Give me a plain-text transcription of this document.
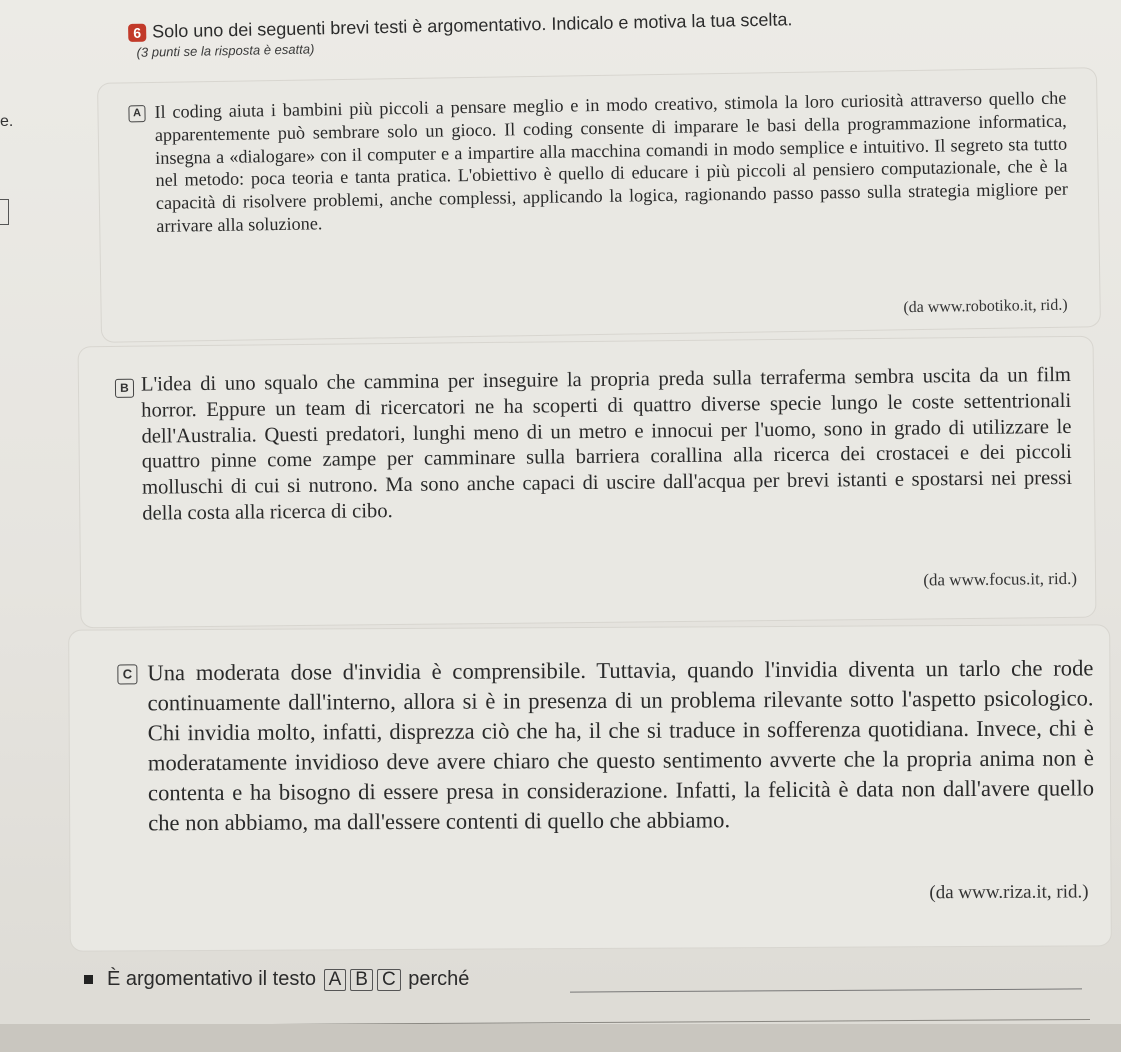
6 Solo uno dei seguenti brevi testi è argomentativo. Indicalo e motiva la tua scelta.
(3 punti se la risposta è esatta)
e.	A Il coding aiuta i bambini più piccoli a pensare meglio e in modo creativo, stimola la loro curiosità attraverso quello che apparentemente può sembrare solo un gioco. Il coding consente di imparare le basi della programmazione informatica, insegna a «dialogare» con il computer e a impartire alla macchina comandi in modo semplice e intuitivo. Il segreto sta tutto nel metodo: poca teoria e tanta pratica. L'obiettivo è quello di educare i più piccoli al pensiero computazionale, che è la capacità di risolvere problemi, anche complessi, applicando la logica, ragionando passo passo sulla strategia migliore per arrivare alla soluzione.

(da www.robotiko.it, rid.)

B L'idea di uno squalo che cammina per inseguire la propria preda sulla terraferma sembra uscita da un film horror. Eppure un team di ricercatori ne ha scoperti di quattro diverse specie lungo le coste settentrionali dell'Australia. Questi predatori, lunghi meno di un metro e innocui per l'uomo, sono in grado di utilizzare le quattro pinne come zampe per camminare sulla barriera corallina alla ricerca dei crostacei e dei piccoli molluschi di cui si nutrono. Ma sono anche capaci di uscire dall'acqua per brevi istanti e spostarsi nei pressi della costa alla ricerca di cibo.

(da www.focus.it, rid.)

C Una moderata dose d'invidia è comprensibile. Tuttavia, quando l'invidia diventa un tarlo che rode continuamente dall'interno, allora si è in presenza di un problema rilevante sotto l'aspetto psicologico. Chi invidia molto, infatti, disprezza ciò che ha, il che si traduce in sofferenza quotidiana. Invece, chi è moderatamente invidioso deve avere chiaro che questo sentimento avverte che la propria anima non è contenta e ha bisogno di essere presa in considerazione. Infatti, la felicità è data non dall'avere quello che non abbiamo, ma dall'essere contenti di quello che abbiamo.

(da www.riza.it, rid.)

È argomentativo il testo A B C perché
